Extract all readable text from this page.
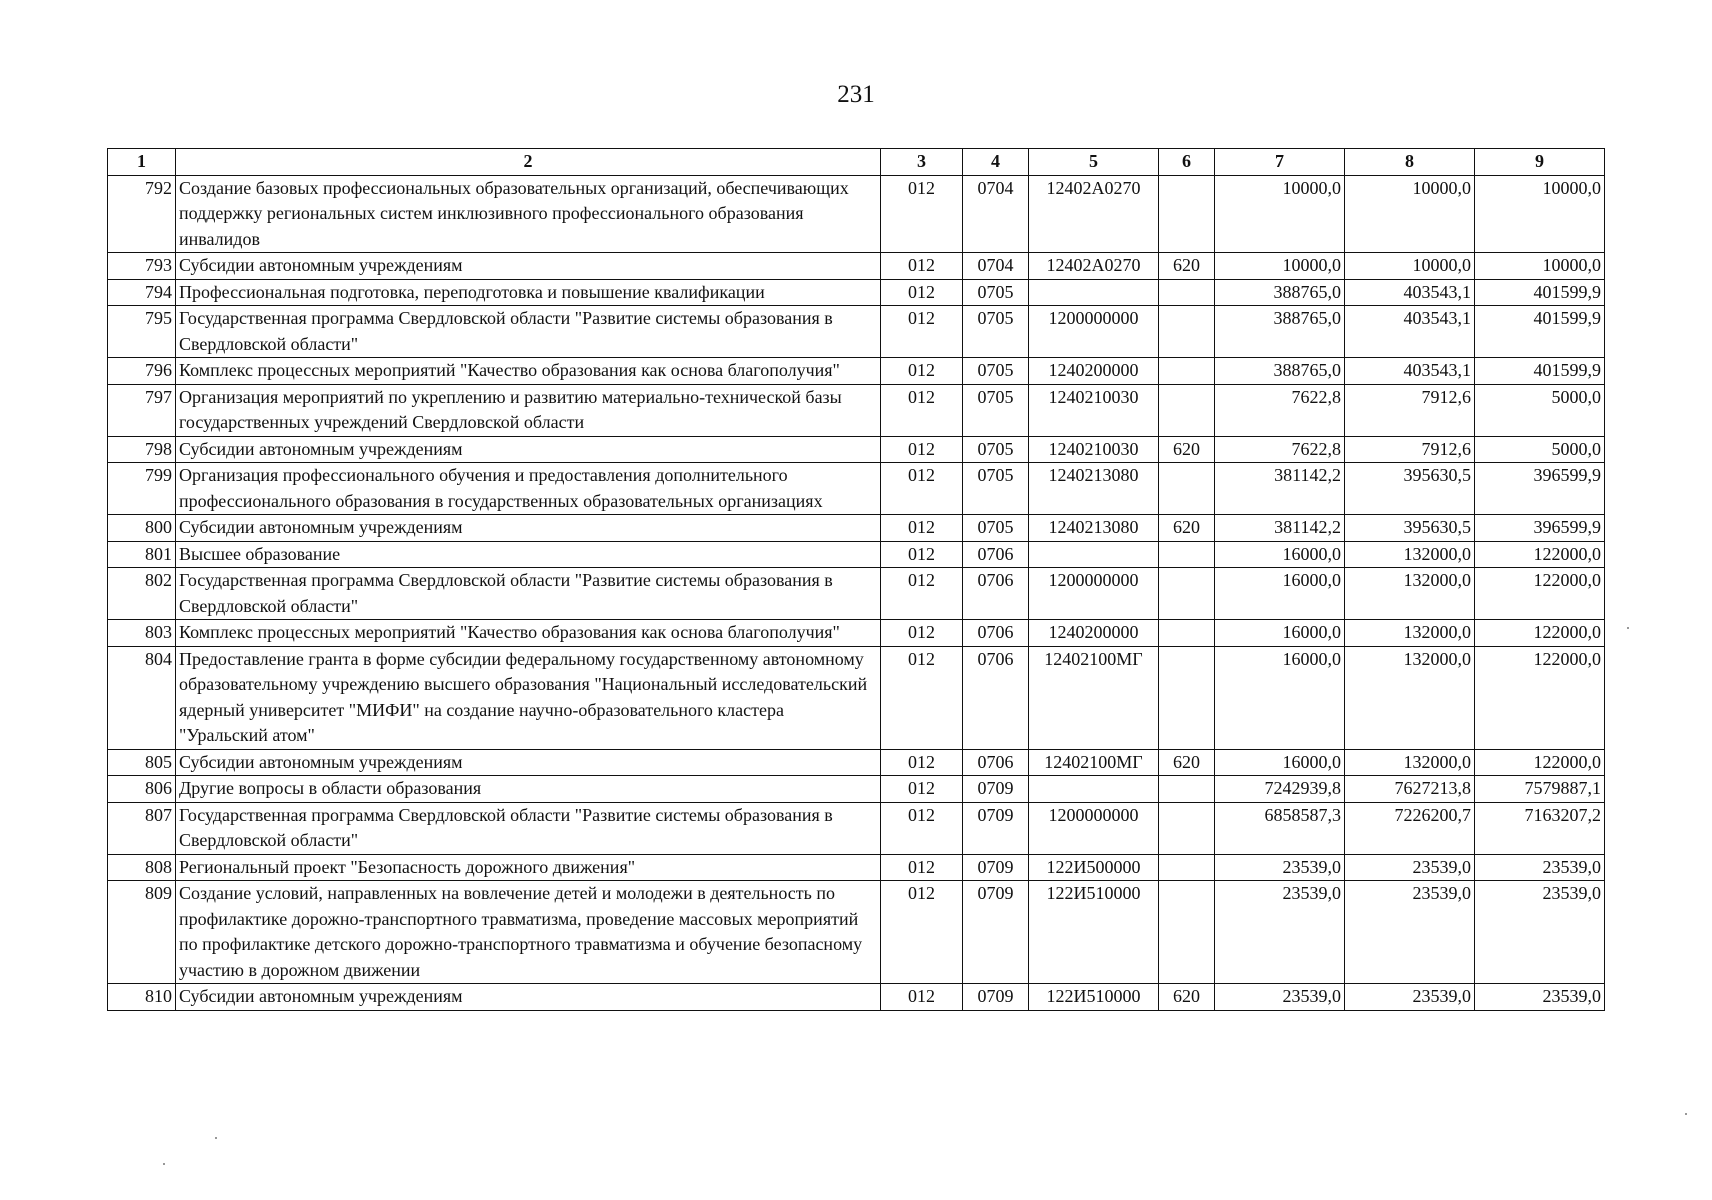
231
1	2	3	4	5	6	7	8	9
792	Создание базовых профессиональных образовательных организаций, обеспечивающих поддержку региональных систем инклюзивного профессионального образования инвалидов	012	0704	12402А0270		10000,0	10000,0	10000,0
793	Субсидии автономным учреждениям	012	0704	12402А0270	620	10000,0	10000,0	10000,0
794	Профессиональная подготовка, переподготовка и повышение квалификации	012	0705			388765,0	403543,1	401599,9
795	Государственная программа Свердловской области "Развитие системы образования в Свердловской области"	012	0705	1200000000		388765,0	403543,1	401599,9
796	Комплекс процессных мероприятий "Качество образования как основа благополучия"	012	0705	1240200000		388765,0	403543,1	401599,9
797	Организация мероприятий по укреплению и развитию материально-технической базы государственных учреждений Свердловской области	012	0705	1240210030		7622,8	7912,6	5000,0
798	Субсидии автономным учреждениям	012	0705	1240210030	620	7622,8	7912,6	5000,0
799	Организация профессионального обучения и предоставления дополнительного профессионального образования в государственных образовательных организациях	012	0705	1240213080		381142,2	395630,5	396599,9
800	Субсидии автономным учреждениям	012	0705	1240213080	620	381142,2	395630,5	396599,9
801	Высшее образование	012	0706			16000,0	132000,0	122000,0
802	Государственная программа Свердловской области "Развитие системы образования в Свердловской области"	012	0706	1200000000		16000,0	132000,0	122000,0
803	Комплекс процессных мероприятий "Качество образования как основа благополучия"	012	0706	1240200000		16000,0	132000,0	122000,0
804	Предоставление гранта в форме субсидии федеральному государственному автономному образовательному учреждению высшего образования "Национальный исследовательский ядерный университет "МИФИ" на создание научно-образовательного кластера "Уральский атом"	012	0706	12402100МГ		16000,0	132000,0	122000,0
805	Субсидии автономным учреждениям	012	0706	12402100МГ	620	16000,0	132000,0	122000,0
806	Другие вопросы в области образования	012	0709			7242939,8	7627213,8	7579887,1
807	Государственная программа Свердловской области "Развитие системы образования в Свердловской области"	012	0709	1200000000		6858587,3	7226200,7	7163207,2
808	Региональный проект "Безопасность дорожного движения"	012	0709	122И500000		23539,0	23539,0	23539,0
809	Создание условий, направленных на вовлечение детей и молодежи в деятельность по профилактике дорожно-транспортного травматизма, проведение массовых мероприятий по профилактике детского дорожно-транспортного травматизма и обучение безопасному участию в дорожном движении	012	0709	122И510000		23539,0	23539,0	23539,0
810	Субсидии автономным учреждениям	012	0709	122И510000	620	23539,0	23539,0	23539,0
